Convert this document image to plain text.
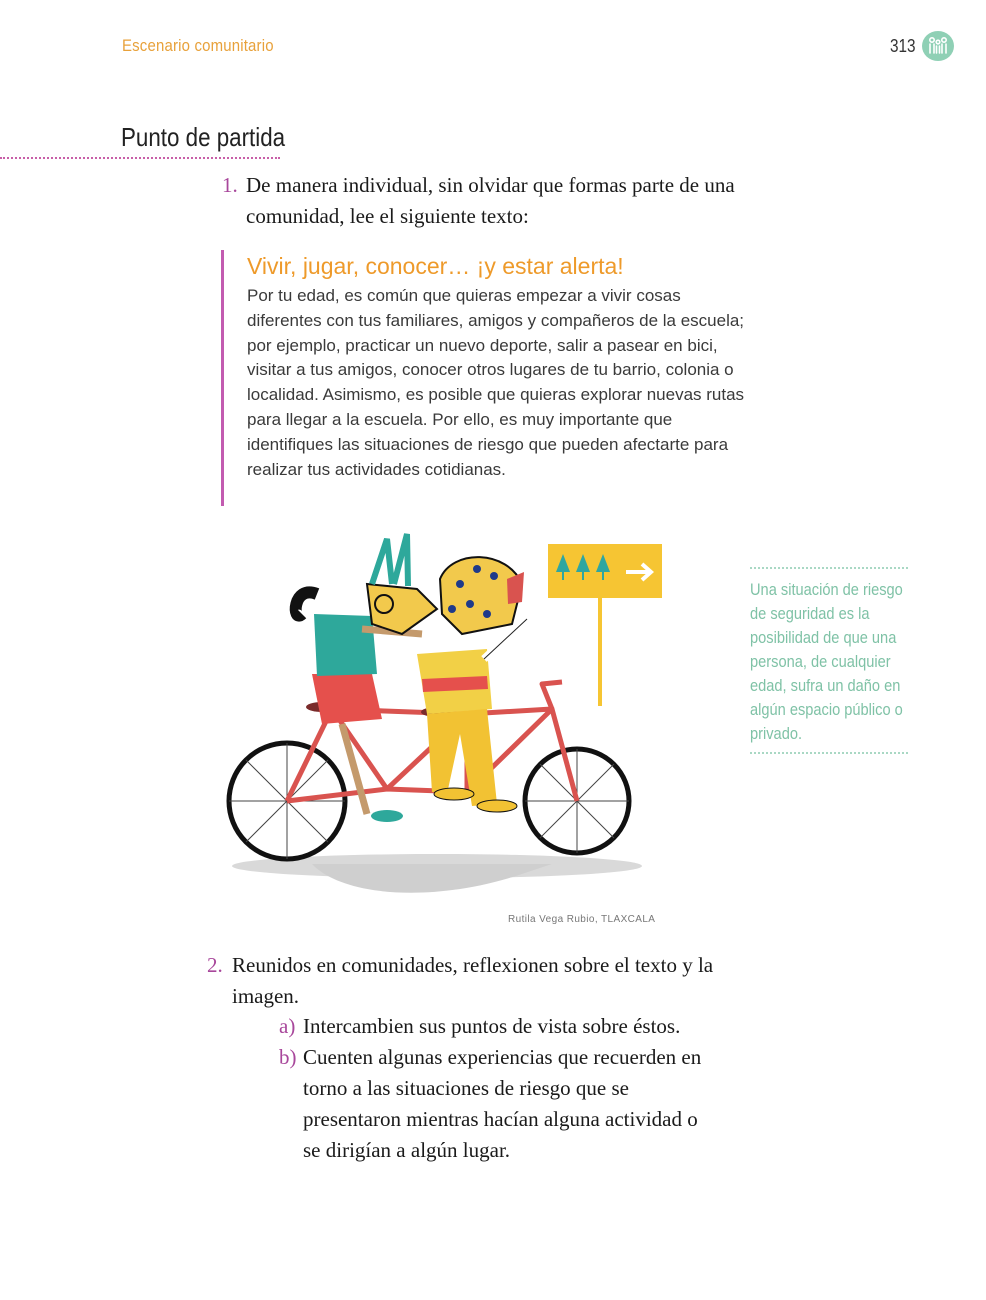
Escenario comunitario	313
Punto de partida
1. De manera individual, sin olvidar que formas parte de una comunidad, lee el siguiente texto:
Vivir, jugar, conocer… ¡y estar alerta!
Por tu edad, es común que quieras empezar a vivir cosas diferentes con tus familiares, amigos y compañeros de la escuela; por ejemplo, practicar un nuevo deporte, salir a pasear en bici, visitar a tus amigos, conocer otros lugares de tu barrio, colonia o localidad. Asimismo, es posible que quieras explorar nuevas rutas para llegar a la escuela. Por ello, es muy importante que identifiques las situaciones de riesgo que pueden afectarte para realizar tus actividades cotidianas.
Rutila Vega Rubio, TLAXCALA
Una situación de riesgo de seguridad es la posibilidad de que una persona, de cualquier edad, sufra un daño en algún espacio público o privado.
2. Reunidos en comunidades, reflexionen sobre el texto y la imagen.
a) Intercambien sus puntos de vista sobre éstos.
b) Cuenten algunas experiencias que recuerden en torno a las situaciones de riesgo que se presentaron mientras hacían alguna actividad o se dirigían a algún lugar.
